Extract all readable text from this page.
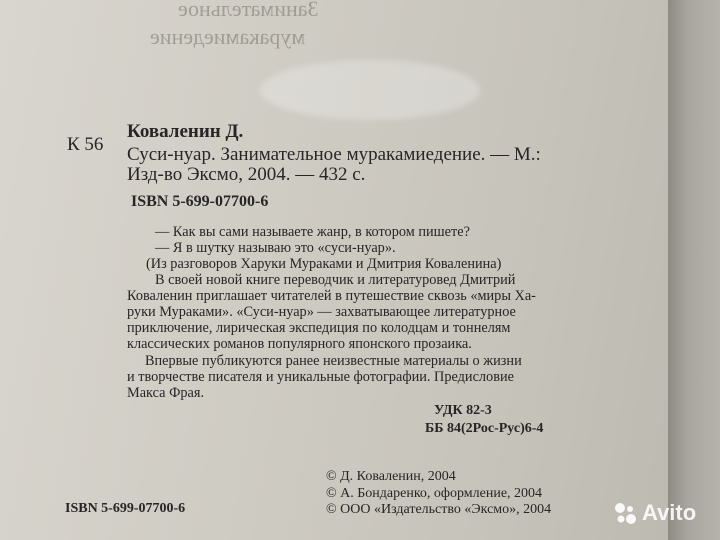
Занимательное
муракамиедение
К 56
Коваленин Д.
Суси-нуар. Занимательное муракамиедение. — М.:
Изд-во Эксмо, 2004. — 432 с.
ISBN 5-699-07700-6
— Как вы сами называете жанр, в котором пишете?
— Я в шутку называю это «суси-нуар».
(Из разговоров Харуки Мураками и Дмитрия Коваленина)
В своей новой книге переводчик и литературовед Дмитрий
Коваленин приглашает читателей в путешествие сквозь «миры Ха-
руки Мураками». «Суси-нуар» — захватывающее литературное
приключение, лирическая экспедиция по колодцам и тоннелям
классических романов популярного японского прозаика.
Впервые публикуются ранее неизвестные материалы о жизни
и творчестве писателя и уникальные фотографии. Предисловие
Макса Фрая.
УДК 82-3
ББ 84(2Рос-Рус)6-4
ISBN 5-699-07700-6
© Д. Коваленин, 2004
© А. Бондаренко, оформление, 2004
© ООО «Издательство «Эксмо», 2004	Avito
